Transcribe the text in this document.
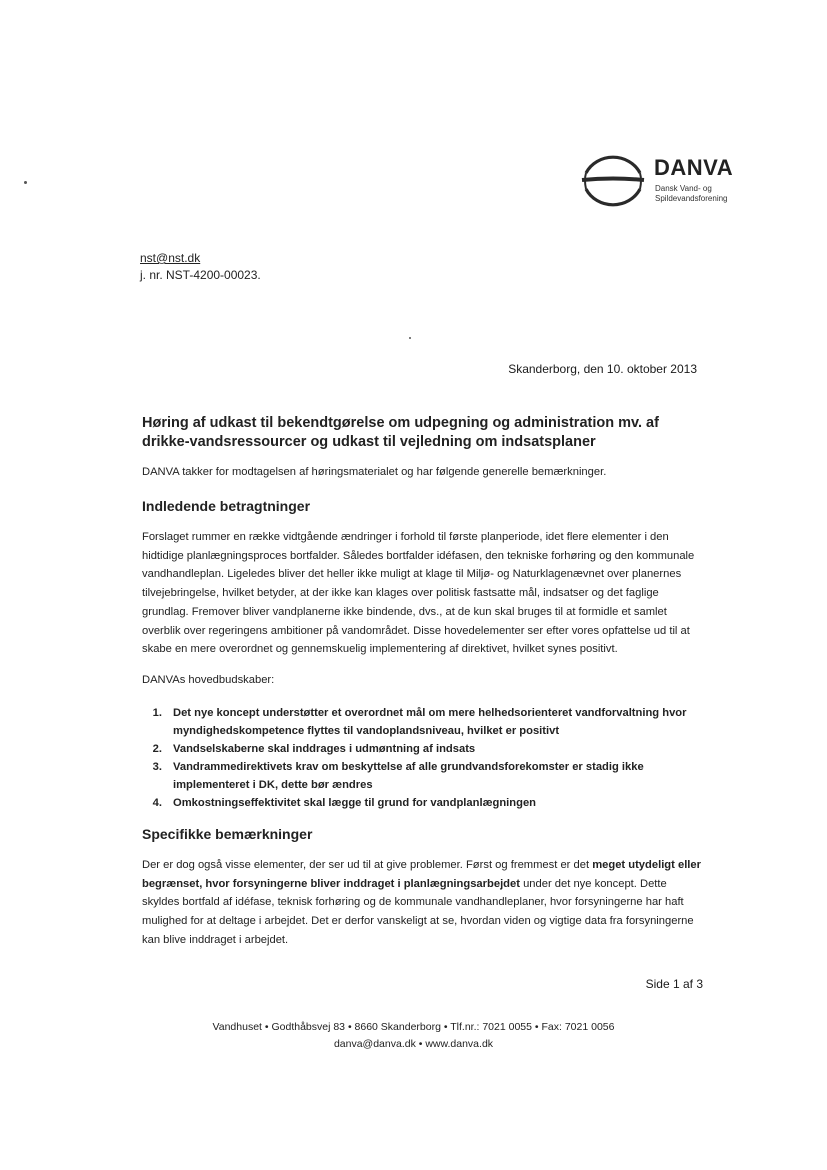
DANVA
Dansk Vand- og
Spildevandsforening
nst@nst.dk
j. nr. NST-4200-00023.
Skanderborg, den 10. oktober 2013
Høring af udkast til bekendtgørelse om udpegning og administration mv. af drikke-vandsressourcer og udkast til vejledning om indsatsplaner
DANVA takker for modtagelsen af høringsmaterialet og har følgende generelle bemærkninger.
Indledende betragtninger
Forslaget rummer en række vidtgående ændringer i forhold til første planperiode, idet flere elementer i den hidtidige planlægningsproces bortfalder. Således bortfalder idéfasen, den tekniske forhøring og den kommunale vandhandleplan. Ligeledes bliver det heller ikke muligt at klage til Miljø- og Naturklagenævnet over planernes tilvejebringelse, hvilket betyder, at der ikke kan klages over politisk fastsatte mål, indsatser og det faglige grundlag. Fremover bliver vandplanerne ikke bindende, dvs., at de kun skal bruges til at formidle et samlet overblik over regeringens ambitioner på vandområdet. Disse hovedelementer ser efter vores opfattelse ud til at skabe en mere overordnet og gennemskuelig implementering af direktivet, hvilket synes positivt.
DANVAs hovedbudskaber:
1. Det nye koncept understøtter et overordnet mål om mere helhedsorienteret vandforvaltning hvor myndighedskompetence flyttes til vandoplandsniveau, hvilket er positivt
2. Vandselskaberne skal inddrages i udmøntning af indsats
3. Vandrammedirektivets krav om beskyttelse af alle grundvandsforekomster er stadig ikke implementeret i DK, dette bør ændres
4. Omkostningseffektivitet skal lægge til grund for vandplanlægningen
Specifikke bemærkninger
Der er dog også visse elementer, der ser ud til at give problemer. Først og fremmest er det meget utydeligt eller begrænset, hvor forsyningerne bliver inddraget i planlægningsarbejdet under det nye koncept. Dette skyldes bortfald af idéfase, teknisk forhøring og de kommunale vandhandleplaner, hvor forsyningerne har haft mulighed for at deltage i arbejdet. Det er derfor vanskeligt at se, hvordan viden og vigtige data fra forsyningerne kan blive inddraget i arbejdet.
Side 1 af 3
Vandhuset • Godthåbsvej 83 • 8660 Skanderborg • Tlf.nr.: 7021 0055 • Fax: 7021 0056
danva@danva.dk • www.danva.dk
